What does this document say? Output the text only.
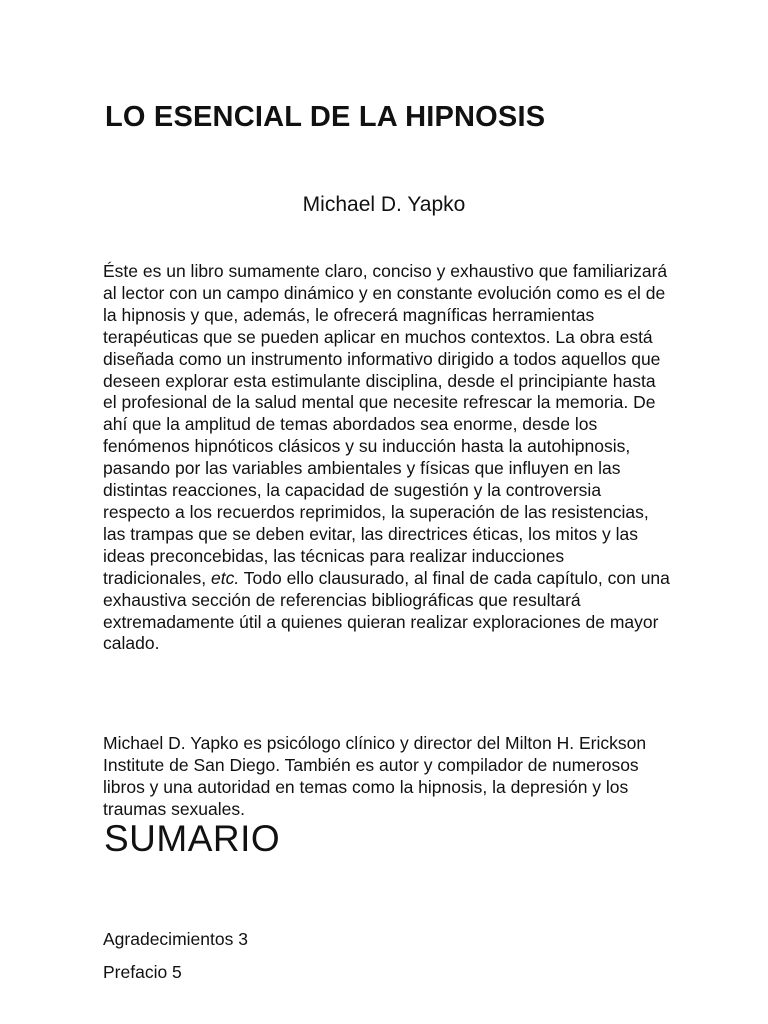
LO ESENCIAL DE LA HIPNOSIS
Michael D. Yapko

Éste es un libro sumamente claro, conciso y exhaustivo que familiarizará al lector con un campo dinámico y en constante evolución como es el de la hipnosis y que, además, le ofrecerá magníficas herramientas terapéuticas que se pueden aplicar en muchos contextos. La obra está diseñada como un instrumento informativo dirigido a todos aquellos que deseen explorar esta estimulante disciplina, desde el principiante hasta el profesional de la salud mental que necesite refrescar la memoria. De ahí que la amplitud de temas abordados sea enorme, desde los fenómenos hipnóticos clásicos y su inducción hasta la autohipnosis, pasando por las variables ambientales y físicas que influyen en las distintas reacciones, la capacidad de sugestión y la controversia respecto a los recuerdos reprimidos, la superación de las resistencias, las trampas que se deben evitar, las directrices éticas, los mitos y las ideas preconcebidas, las técnicas para realizar inducciones tradicionales, etc. Todo ello clausurado, al final de cada capítulo, con una exhaustiva sección de referencias bibliográficas que resultará extremadamente útil a quienes quieran realizar exploraciones de mayor calado.

Michael D. Yapko es psicólogo clínico y director del Milton H. Erickson Institute de San Diego. También es autor y compilador de numerosos libros y una autoridad en temas como la hipnosis, la depresión y los traumas sexuales.

SUMARIO
Agradecimientos 3
Prefacio 5
